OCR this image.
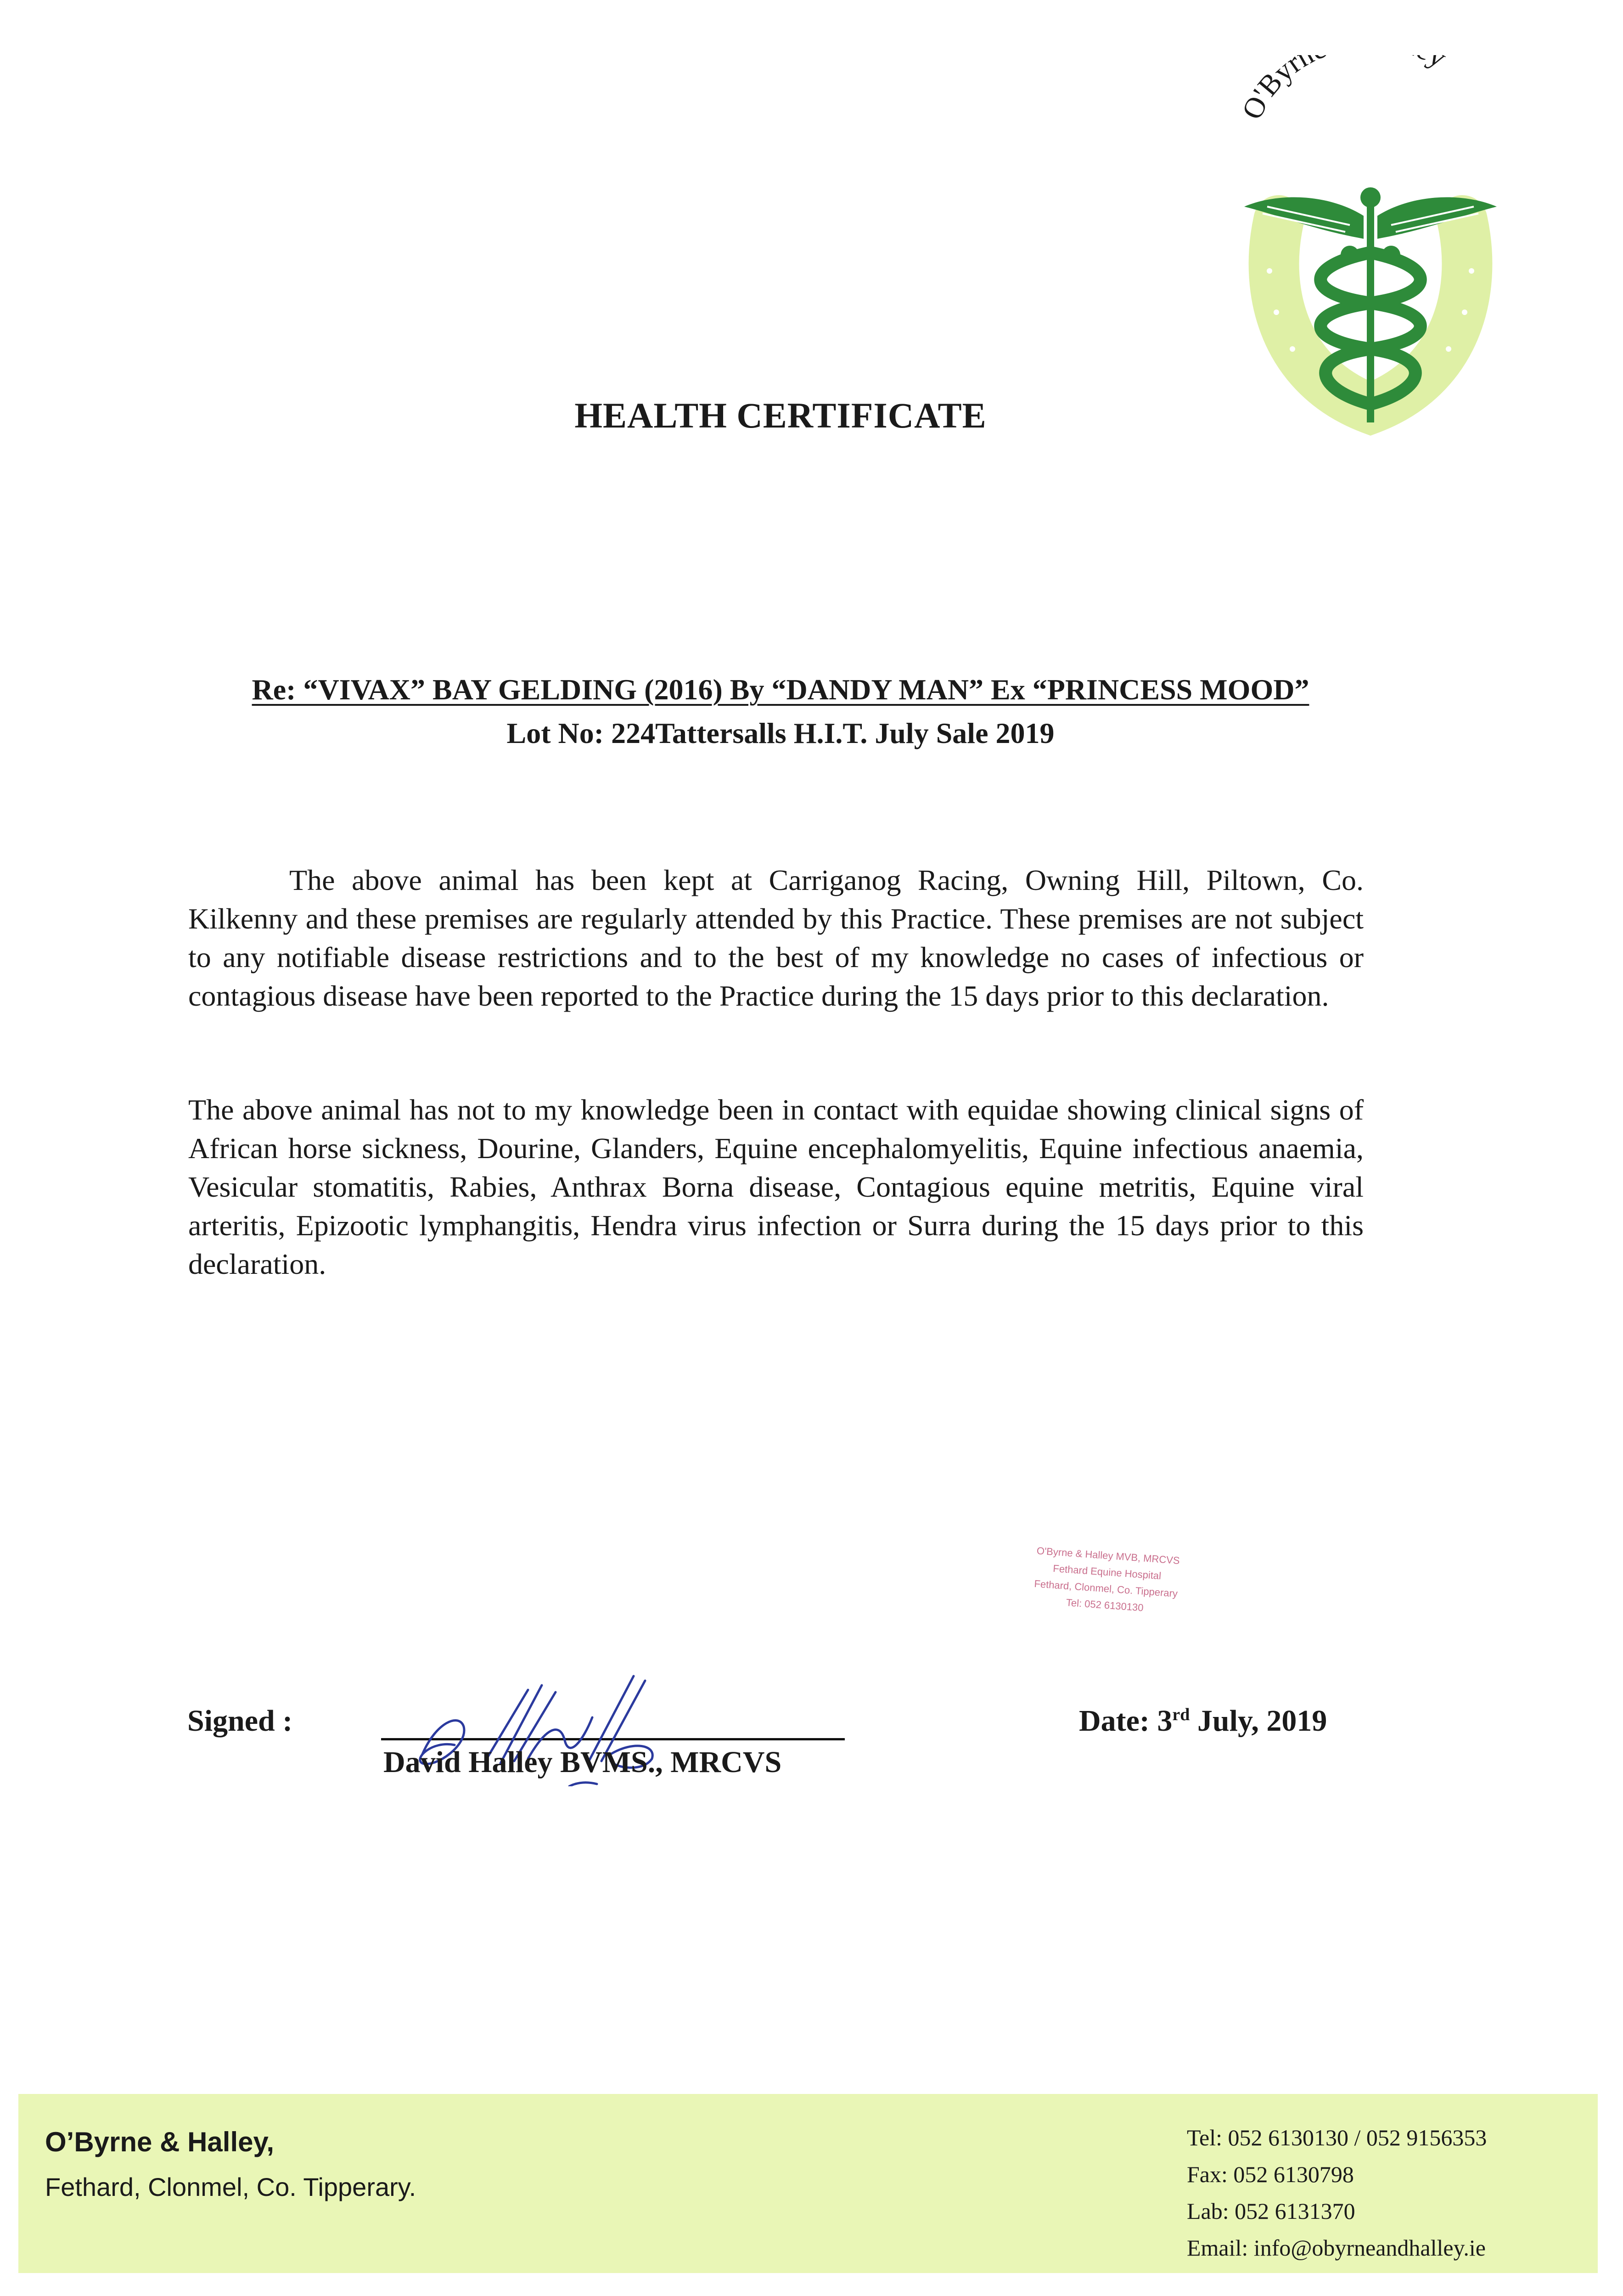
O'Byrn y
HEALTH CERTIFICATE
Re: “VIVAX” BAY GELDING (2016) By “DANDY MAN” Ex “PRINCESS MOOD”
Lot No: 224Tattersalls H.I.T. July Sale 2019
The above animal has been kept at Carriganog Racing, Owning Hill, Piltown, Co. Kilkenny and these premises are regularly attended by this Practice. These premises are not subject to any notifiable disease restrictions and to the best of my knowledge no cases of infectious or contagious disease have been reported to the Practice during the 15 days prior to this declaration.
The above animal has not to my knowledge been in contact with equidae showing clinical signs of African horse sickness, Dourine, Glanders, Equine encephalomyelitis, Equine infectious anaemia, Vesicular stomatitis, Rabies, Anthrax Borna disease, Contagious equine metritis, Equine viral arteritis, Epizootic lymphangitis, Hendra virus infection or Surra during the 15 days prior to this declaration.
O'Byrne & Halley MVB, MRCVS
Fethard Equine Hospital
Fethard, Clonmel, Co. Tipperary
Tel: 052 6130130
Signed :
David Halley BVMS., MRCVS
Date: 3rd July, 2019
O’Byrne & Halley,
Fethard, Clonmel, Co. Tipperary.
Tel: 052 6130130 / 052 9156353
Fax: 052 6130798
Lab: 052 6131370
Email: info@obyrneandhalley.ie
